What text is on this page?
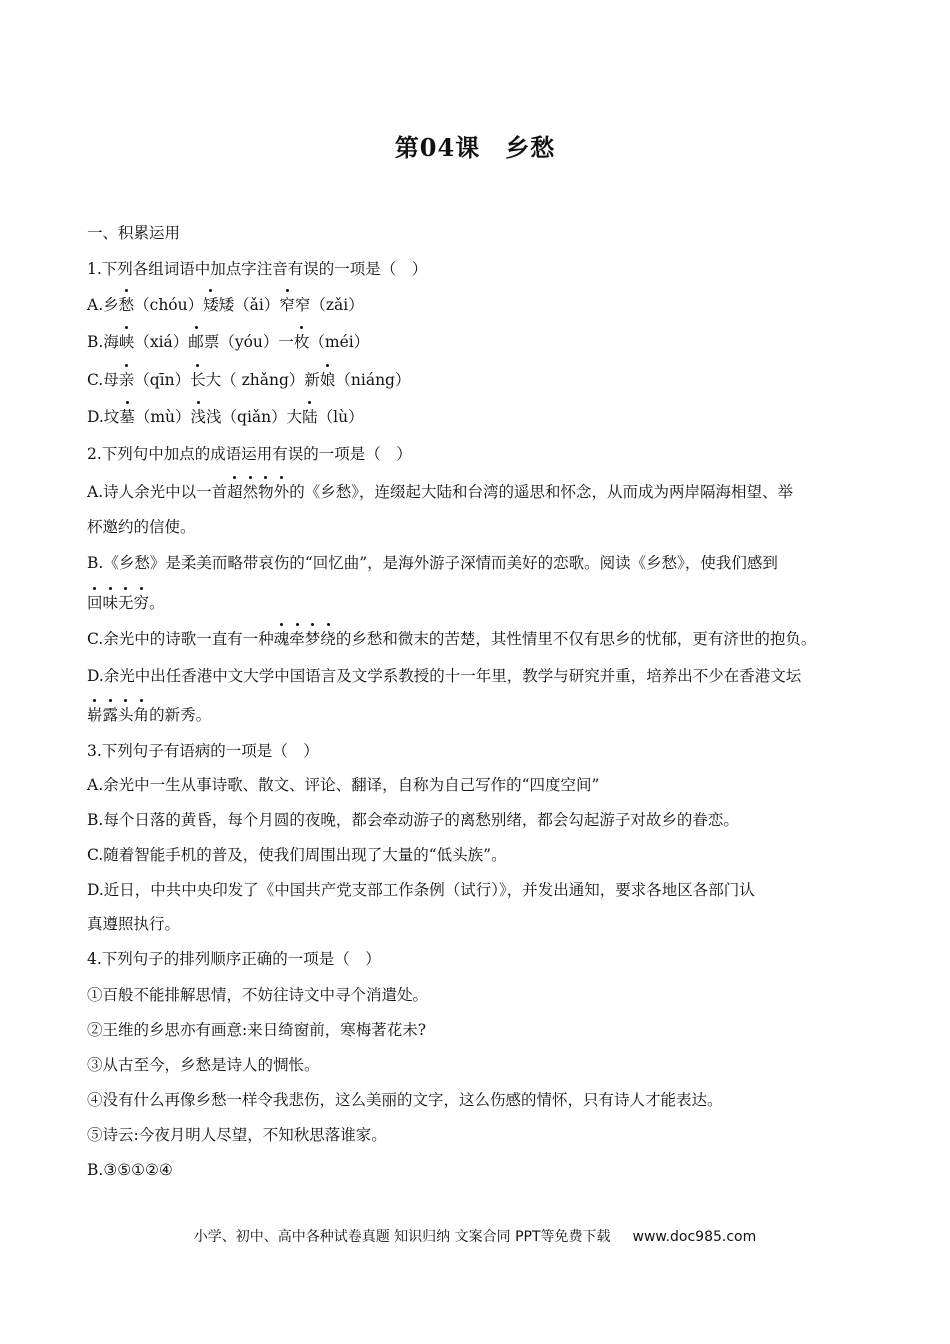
第04课　乡愁
一、积累运用
1.下列各组词语中加点字注音有误的一项是（　）
A.乡愁（chóu）矮矮（ǎi）窄窄（zǎi）
B.海峡（xiá）邮票（yóu）一枚（méi）
C.母亲（qīn）长大（ zhǎng）新娘（niáng）
D.坟墓（mù）浅浅（qiǎn）大陆（lù）
2.下列句中加点的成语运用有误的一项是（　）
A.诗人余光中以一首超然物外的《乡愁》，连缀起大陆和台湾的遥思和怀念，从而成为两岸隔海相望、举
杯邀约的信使。
B.《乡愁》是柔美而略带哀伤的“回忆曲”，是海外游子深情而美好的恋歌。阅读《乡愁》，使我们感到
回味无穷。
C.余光中的诗歌一直有一种魂牵梦绕的乡愁和微末的苦楚，其性情里不仅有思乡的忧郁，更有济世的抱负。
D.余光中出任香港中文大学中国语言及文学系教授的十一年里，教学与研究并重，培养出不少在香港文坛
崭露头角的新秀。
3.下列句子有语病的一项是（　）
A.余光中一生从事诗歌、散文、评论、翻译，自称为自己写作的“四度空间”
B.每个日落的黄昏，每个月圆的夜晚，都会牵动游子的离愁别绪，都会勾起游子对故乡的眷恋。
C.随着智能手机的普及，使我们周围出现了大量的“低头族”。
D.近日，中共中央印发了《中国共产党支部工作条例（试行）》，并发出通知，要求各地区各部门认
真遵照执行。
4.下列句子的排列顺序正确的一项是（　）
①百般不能排解思情，不妨往诗文中寻个消遣处。
②王维的乡思亦有画意:来日绮窗前，寒梅著花未?
③从古至今，乡愁是诗人的惆怅。
④没有什么再像乡愁一样令我悲伤，这么美丽的文字，这么伤感的情怀，只有诗人才能表达。
⑤诗云:今夜月明人尽望，不知秋思落谁家。
B.③⑤①②④
小学、初中、高中各种试卷真题 知识归纳 文案合同 PPT等免费下载 www.doc985.com
